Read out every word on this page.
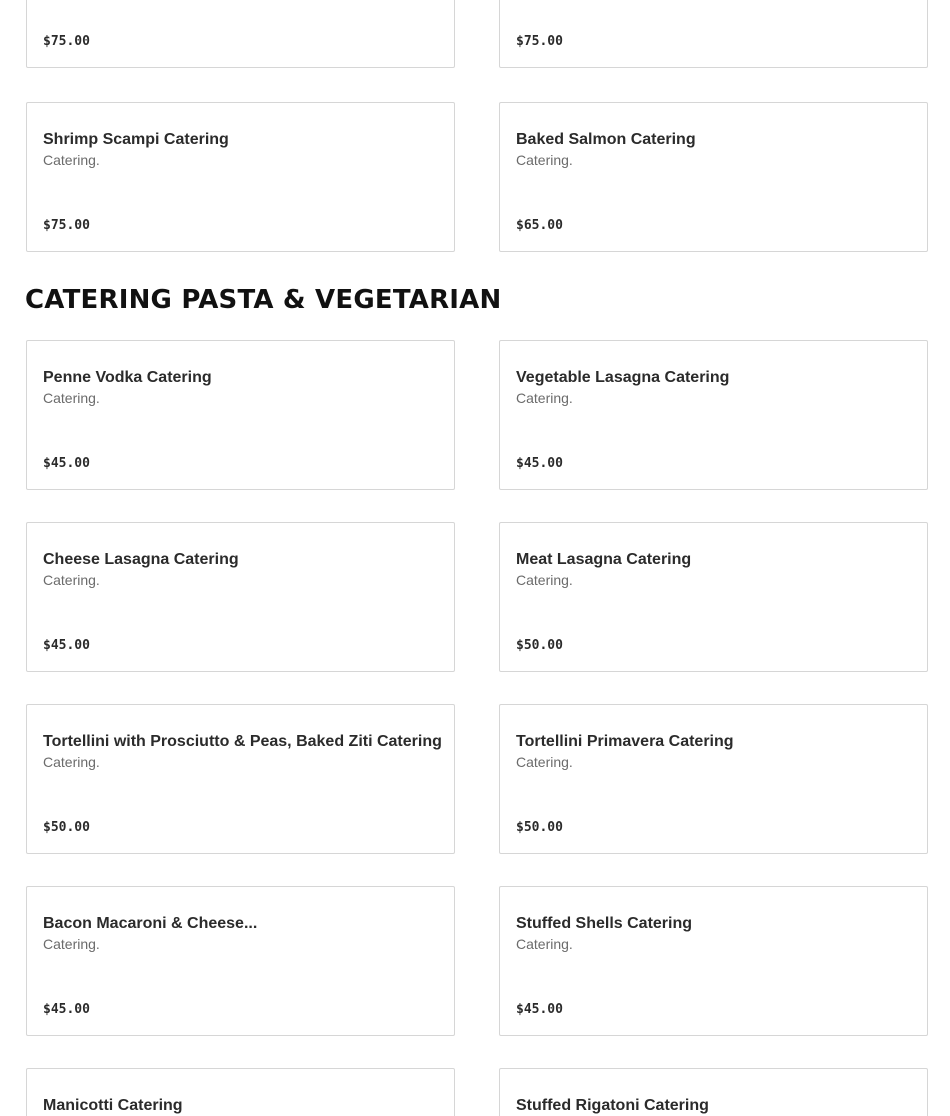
$75.00	$75.00
Shrimp Scampi Catering
Catering.
$75.00
Baked Salmon Catering
Catering.
$65.00
CATERING PASTA & VEGETARIAN
Penne Vodka Catering
Catering.
$45.00
Vegetable Lasagna Catering
Catering.
$45.00
Cheese Lasagna Catering
Catering.
$45.00
Meat Lasagna Catering
Catering.
$50.00
Tortellini with Prosciutto & Peas, Baked Ziti Catering
Catering.
$50.00
Tortellini Primavera Catering
Catering.
$50.00
Bacon Macaroni & Cheese...
Catering.
$45.00
Stuffed Shells Catering
Catering.
$45.00
Manicotti Catering	Stuffed Rigatoni Catering
